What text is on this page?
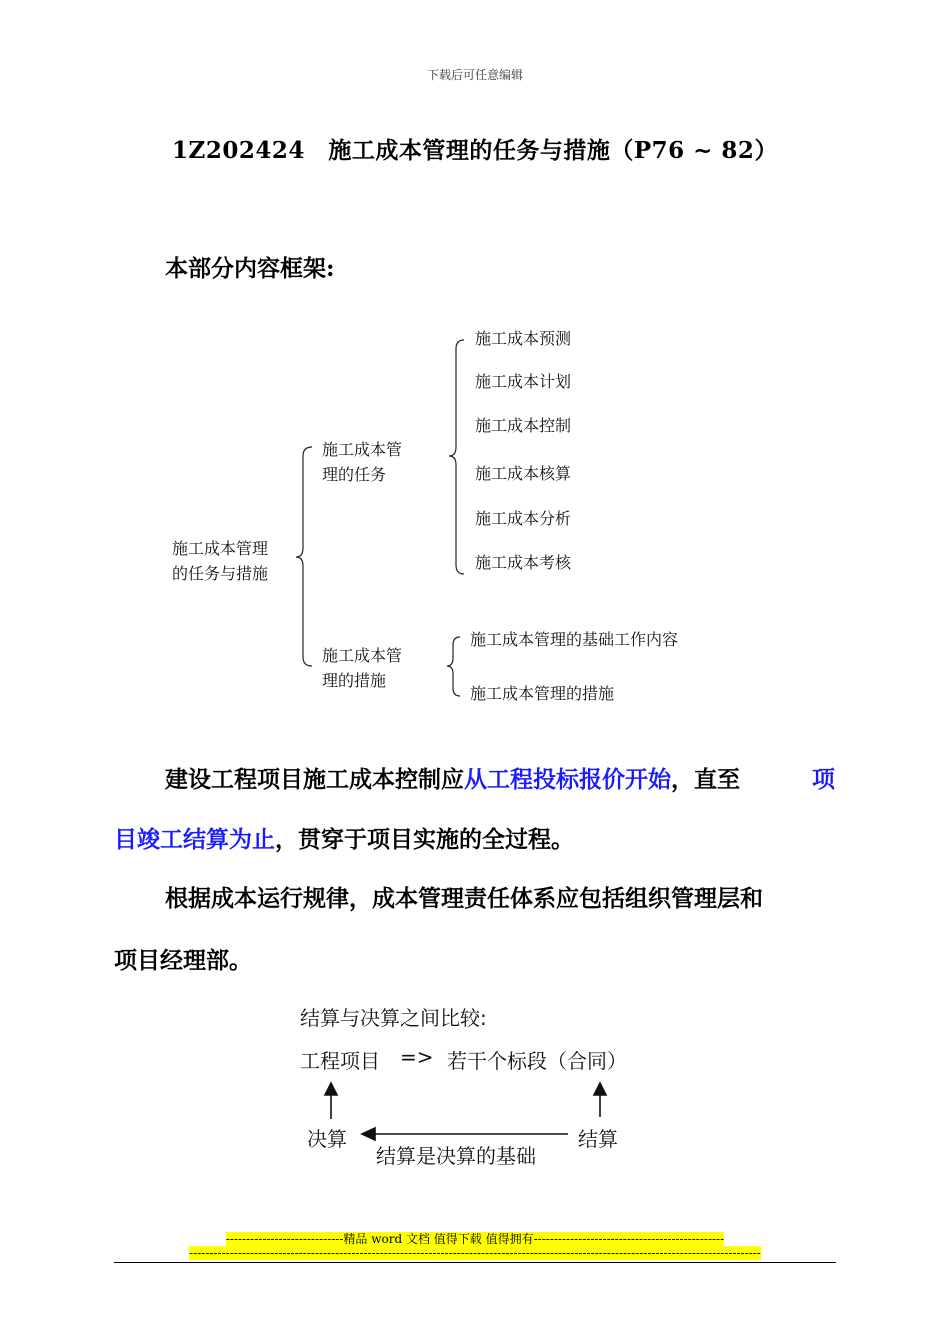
下载后可任意编辑
1Z202424　施工成本管理的任务与措施（P76 ~ 82）
本部分内容框架:
施工成本管理
的任务与措施
施工成本管
理的任务
施工成本管
理的措施
施工成本预测
施工成本计划
施工成本控制
施工成本核算
施工成本分析
施工成本考核
施工成本管理的基础工作内容
施工成本管理的措施
建设工程项目施工成本控制应从工程投标报价开始，直至	项
目竣工结算为止，贯穿于项目实施的全过程。
根据成本运行规律，成本管理责任体系应包括组织管理层和
项目经理部。
结算与决算之间比较:
工程项目 => 若干个标段（合同）
决算	结算
结算是决算的基础
-----------------------------精品 word 文档 值得下载 值得拥有-----------------------------------------------
---------------------------------------------------------------------------------------------------------------------------------------------
